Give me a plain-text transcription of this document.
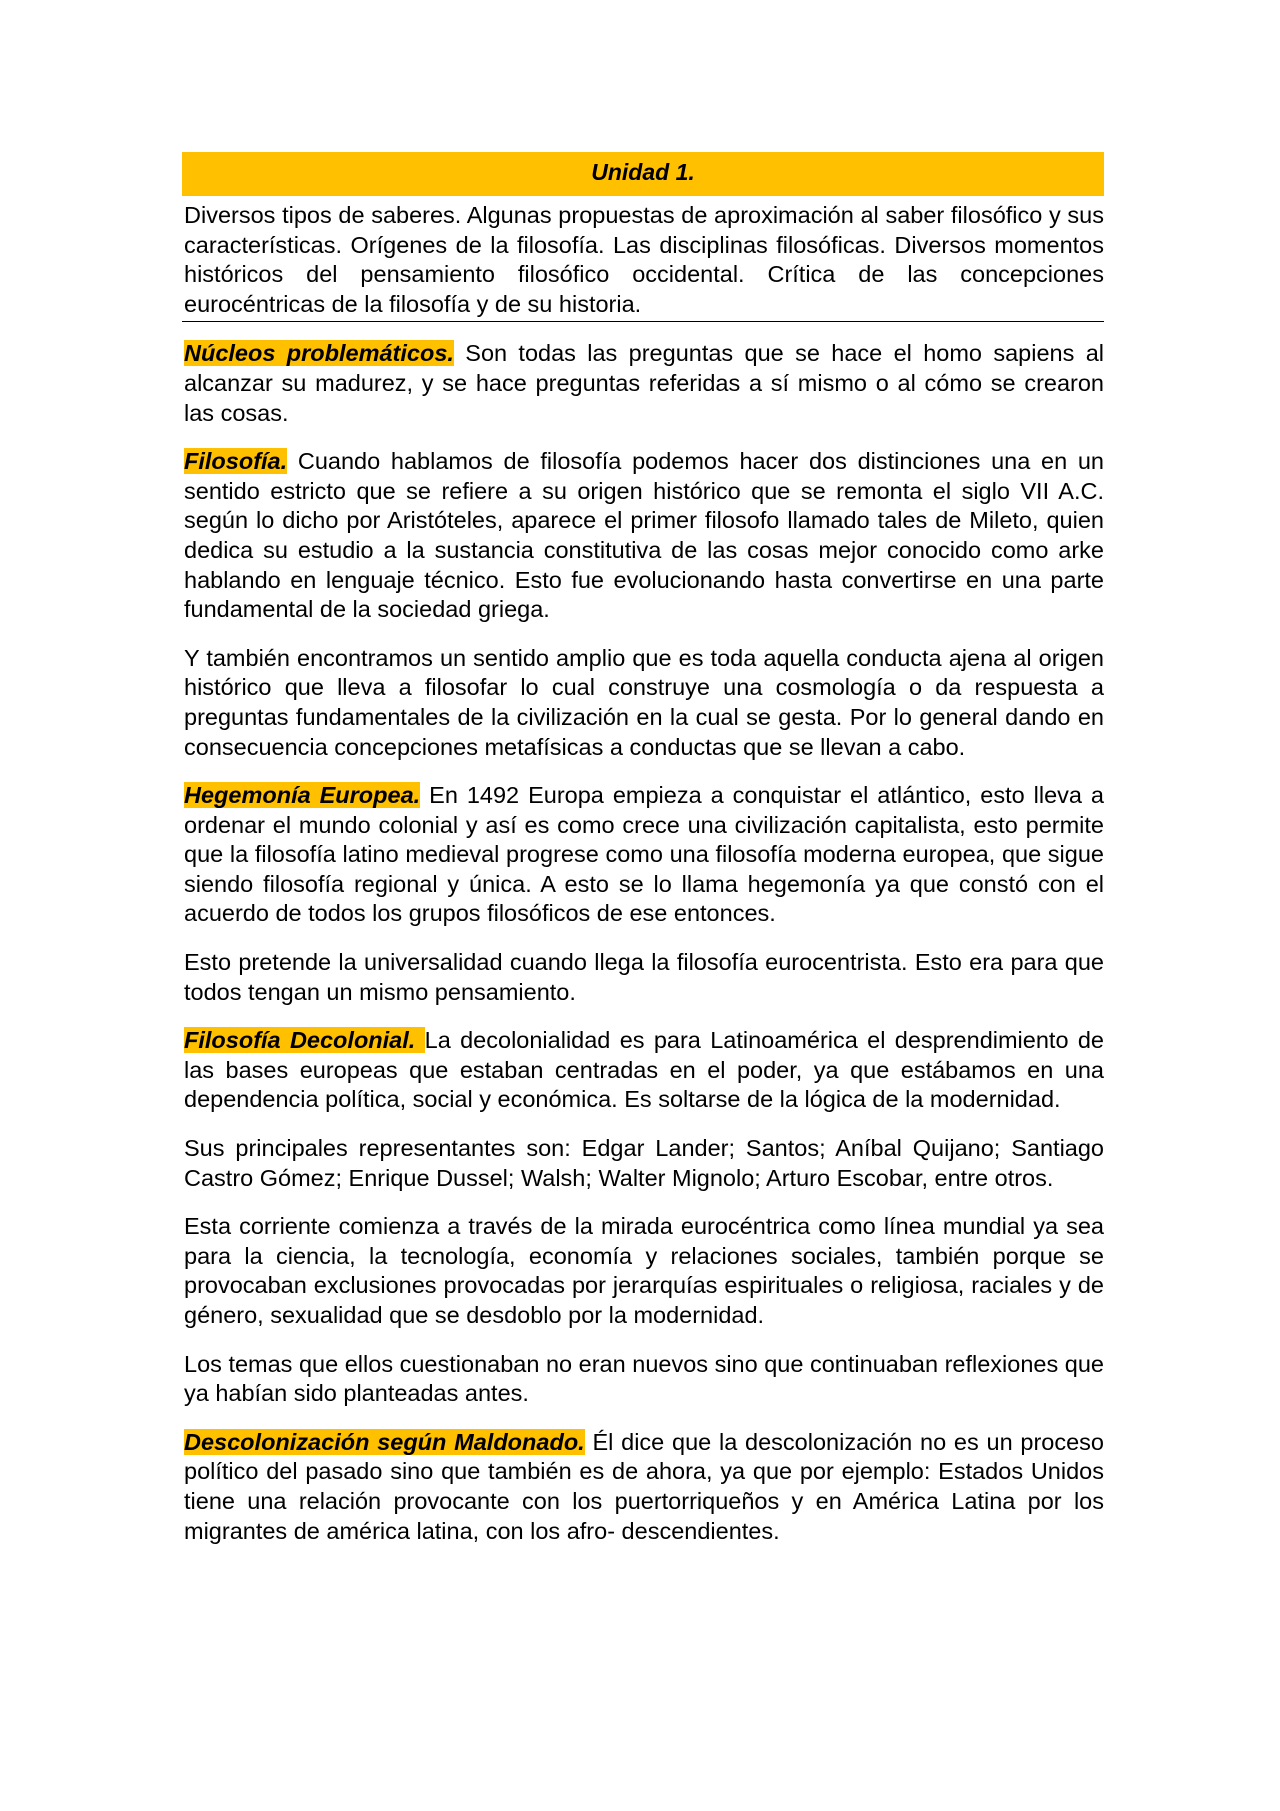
Unidad 1.
Diversos tipos de saberes. Algunas propuestas de aproximación al saber filosófico y sus características. Orígenes de la filosofía. Las disciplinas filosóficas. Diversos momentos históricos del pensamiento filosófico occidental. Crítica de las concepciones eurocéntricas de la filosofía y de su historia.

Núcleos problemáticos. Son todas las preguntas que se hace el homo sapiens al alcanzar su madurez, y se hace preguntas referidas a sí mismo o al cómo se crearon las cosas.

Filosofía. Cuando hablamos de filosofía podemos hacer dos distinciones una en un sentido estricto que se refiere a su origen histórico que se remonta el siglo VII A.C. según lo dicho por Aristóteles, aparece el primer filosofo llamado tales de Mileto, quien dedica su estudio a la sustancia constitutiva de las cosas mejor conocido como arke hablando en lenguaje técnico. Esto fue evolucionando hasta convertirse en una parte fundamental de la sociedad griega.

Y también encontramos un sentido amplio que es toda aquella conducta ajena al origen histórico que lleva a filosofar lo cual construye una cosmología o da respuesta a preguntas fundamentales de la civilización en la cual se gesta. Por lo general dando en consecuencia concepciones metafísicas a conductas que se llevan a cabo.

Hegemonía Europea. En 1492 Europa empieza a conquistar el atlántico, esto lleva a ordenar el mundo colonial y así es como crece una civilización capitalista, esto permite que la filosofía latino medieval progrese como una filosofía moderna europea, que sigue siendo filosofía regional y única. A esto se lo llama hegemonía ya que constó con el acuerdo de todos los grupos filosóficos de ese entonces.

Esto pretende la universalidad cuando llega la filosofía eurocentrista. Esto era para que todos tengan un mismo pensamiento.

Filosofía Decolonial. La decolonialidad es para Latinoamérica el desprendimiento de las bases europeas que estaban centradas en el poder, ya que estábamos en una dependencia política, social y económica. Es soltarse de la lógica de la modernidad.

Sus principales representantes son: Edgar Lander; Santos; Aníbal Quijano; Santiago Castro Gómez; Enrique Dussel; Walsh; Walter Mignolo; Arturo Escobar, entre otros.

Esta corriente comienza a través de la mirada eurocéntrica como línea mundial ya sea para la ciencia, la tecnología, economía y relaciones sociales, también porque se provocaban exclusiones provocadas por jerarquías espirituales o religiosa, raciales y de género, sexualidad que se desdoblo por la modernidad.

Los temas que ellos cuestionaban no eran nuevos sino que continuaban reflexiones que ya habían sido planteadas antes.

Descolonización según Maldonado. Él dice que la descolonización no es un proceso político del pasado sino que también es de ahora, ya que por ejemplo: Estados Unidos tiene una relación provocante con los puertorriqueños y en América Latina por los migrantes de américa latina, con los afro- descendientes.
